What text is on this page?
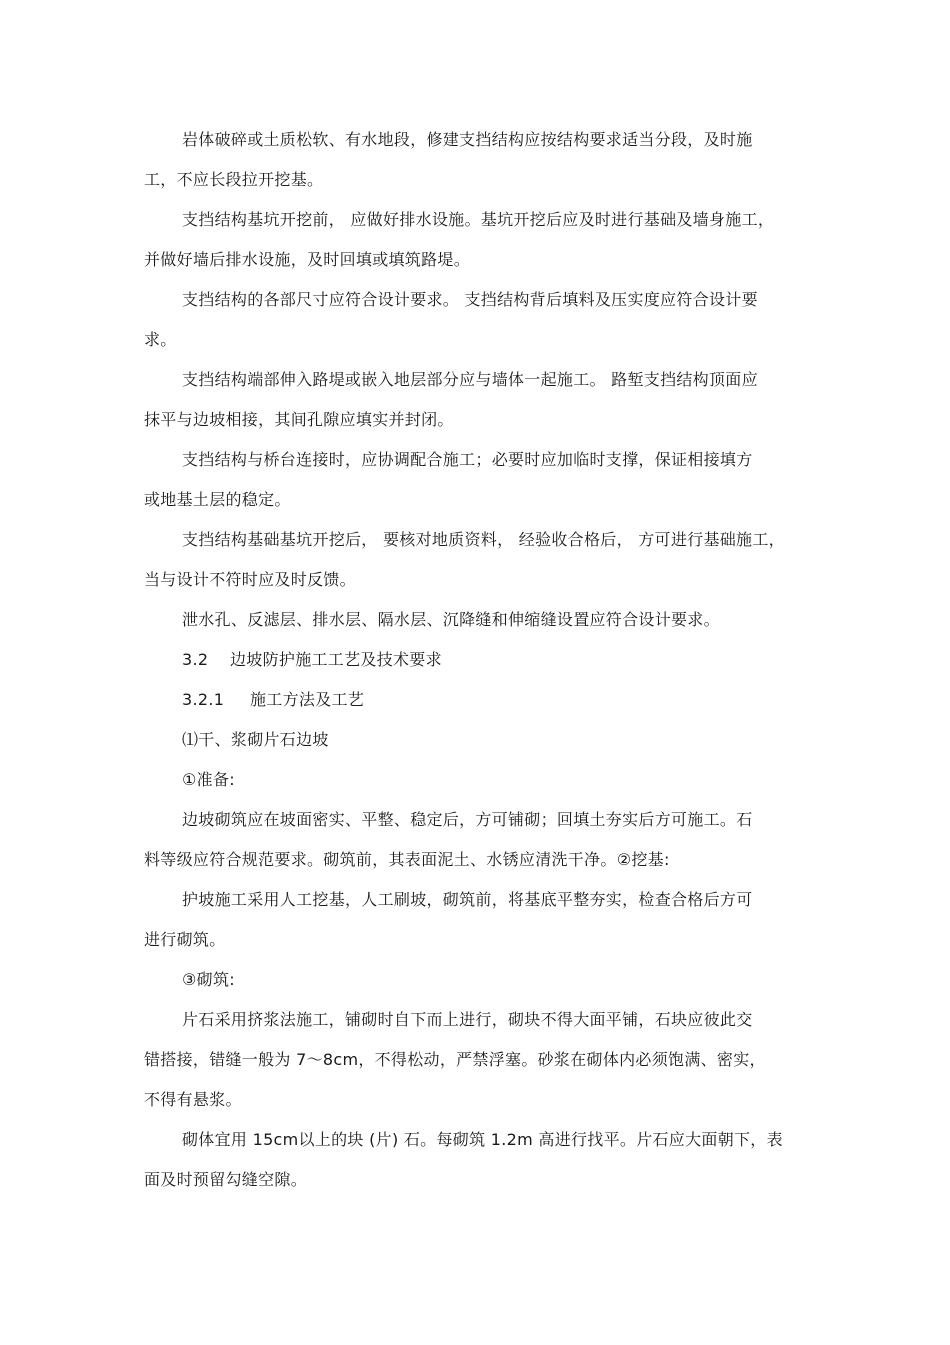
岩体破碎或土质松软、有水地段，修建支挡结构应按结构要求适当分段，及时施
工，不应长段拉开挖基。
支挡结构基坑开挖前， 应做好排水设施。基坑开挖后应及时进行基础及墙身施工，
并做好墙后排水设施，及时回填或填筑路堤。
支挡结构的各部尺寸应符合设计要求。 支挡结构背后填料及压实度应符合设计要
求。
支挡结构端部伸入路堤或嵌入地层部分应与墙体一起施工。 路堑支挡结构顶面应
抹平与边坡相接，其间孔隙应填实并封闭。
支挡结构与桥台连接时，应协调配合施工；必要时应加临时支撑，保证相接填方
或地基土层的稳定。
支挡结构基础基坑开挖后， 要核对地质资料， 经验收合格后， 方可进行基础施工，
当与设计不符时应及时反馈。
泄水孔、反滤层、排水层、隔水层、沉降缝和伸缩缝设置应符合设计要求。
3.2 边坡防护施工工艺及技术要求
3.2.1 施工方法及工艺
⑴干、浆砌片石边坡
①准备:
边坡砌筑应在坡面密实、平整、稳定后，方可铺砌；回填土夯实后方可施工。石
料等级应符合规范要求。砌筑前，其表面泥土、水锈应清洗干净。②挖基:
护坡施工采用人工挖基，人工刷坡，砌筑前，将基底平整夯实，检查合格后方可
进行砌筑。
③砌筑:
片石采用挤浆法施工，铺砌时自下而上进行，砌块不得大面平铺，石块应彼此交
错搭接，错缝一般为 7～8cm，不得松动，严禁浮塞。砂浆在砌体内必须饱满、密实，
不得有悬浆。
砌体宜用 15cm以上的块 (片) 石。每砌筑 1.2m 高进行找平。片石应大面朝下，表
面及时预留勾缝空隙。
